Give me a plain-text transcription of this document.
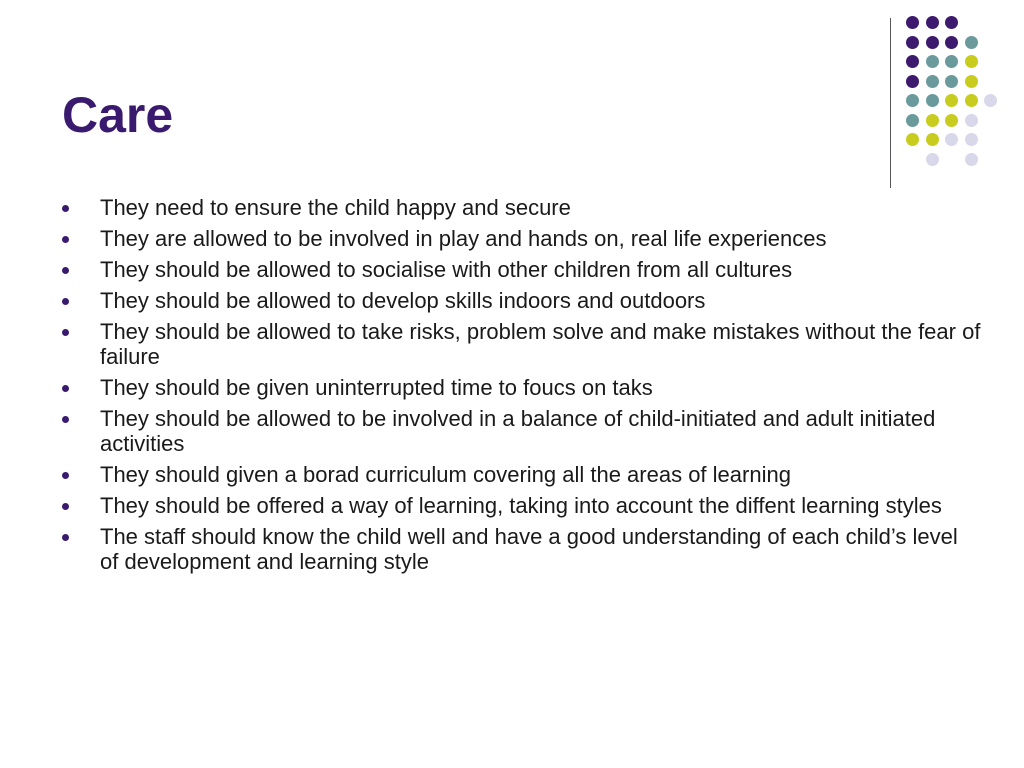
Care
They need to ensure the child happy and secure
They are allowed to be involved in play and hands on, real life experiences
They should be allowed to socialise with other children from all cultures
They should be allowed to develop skills indoors and outdoors
They should be allowed to take risks, problem solve and make mistakes without the fear of failure
They should be given uninterrupted time to foucs on taks
They should be allowed to be involved in a balance of child-initiated and adult initiated activities
They should given a borad curriculum covering all the areas of learning
They should be offered a way of learning, taking into account the diffent learning styles
The staff should know the child well and have a good understanding of each child’s level of development and learning style
